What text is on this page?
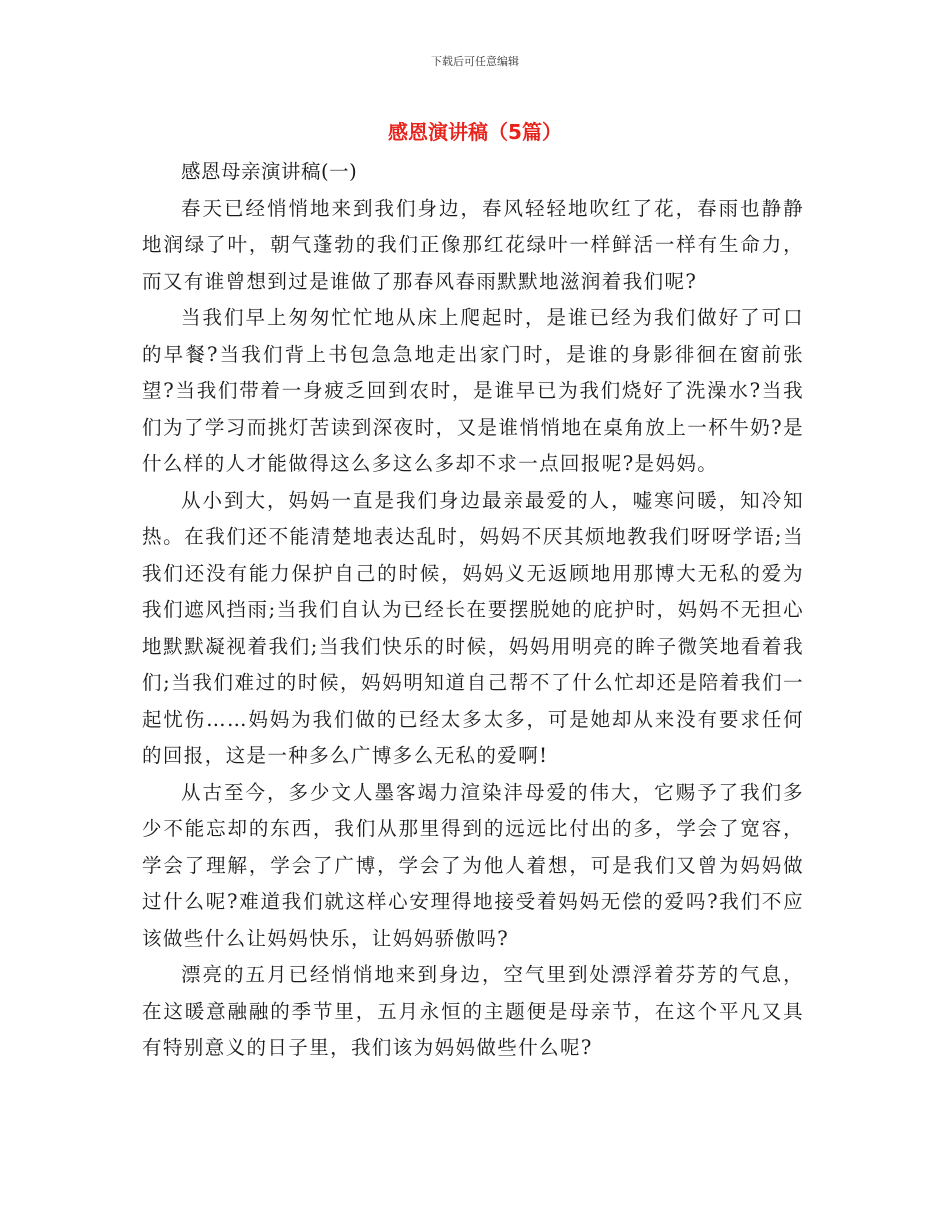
下载后可任意编辑
感恩演讲稿（5篇）

感恩母亲演讲稿(一)

春天已经悄悄地来到我们身边，春风轻轻地吹红了花，春雨也静静地润绿了叶，朝气蓬勃的我们正像那红花绿叶一样鲜活一样有生命力，而又有谁曾想到过是谁做了那春风春雨默默地滋润着我们呢?

当我们早上匆匆忙忙地从床上爬起时，是谁已经为我们做好了可口的早餐?当我们背上书包急急地走出家门时，是谁的身影徘徊在窗前张望?当我们带着一身疲乏回到农时，是谁早已为我们烧好了洗澡水?当我们为了学习而挑灯苦读到深夜时，又是谁悄悄地在桌角放上一杯牛奶?是什么样的人才能做得这么多这么多却不求一点回报呢?是妈妈。

从小到大，妈妈一直是我们身边最亲最爱的人，嘘寒问暖，知冷知热。在我们还不能清楚地表达乱时，妈妈不厌其烦地教我们呀呀学语;当我们还没有能力保护自己的时候，妈妈义无返顾地用那博大无私的爱为我们遮风挡雨;当我们自认为已经长在要摆脱她的庇护时，妈妈不无担心地默默凝视着我们;当我们快乐的时候，妈妈用明亮的眸子微笑地看着我们;当我们难过的时候，妈妈明知道自己帮不了什么忙却还是陪着我们一起忧伤……妈妈为我们做的已经太多太多，可是她却从来没有要求任何的回报，这是一种多么广博多么无私的爱啊!

从古至今，多少文人墨客竭力渲染沣母爱的伟大，它赐予了我们多少不能忘却的东西，我们从那里得到的远远比付出的多，学会了宽容，学会了理解，学会了广博，学会了为他人着想，可是我们又曾为妈妈做过什么呢?难道我们就这样心安理得地接受着妈妈无偿的爱吗?我们不应该做些什么让妈妈快乐，让妈妈骄傲吗?

漂亮的五月已经悄悄地来到身边，空气里到处漂浮着芬芳的气息，在这暖意融融的季节里，五月永恒的主题便是母亲节，在这个平凡又具有特别意义的日子里，我们该为妈妈做些什么呢?
